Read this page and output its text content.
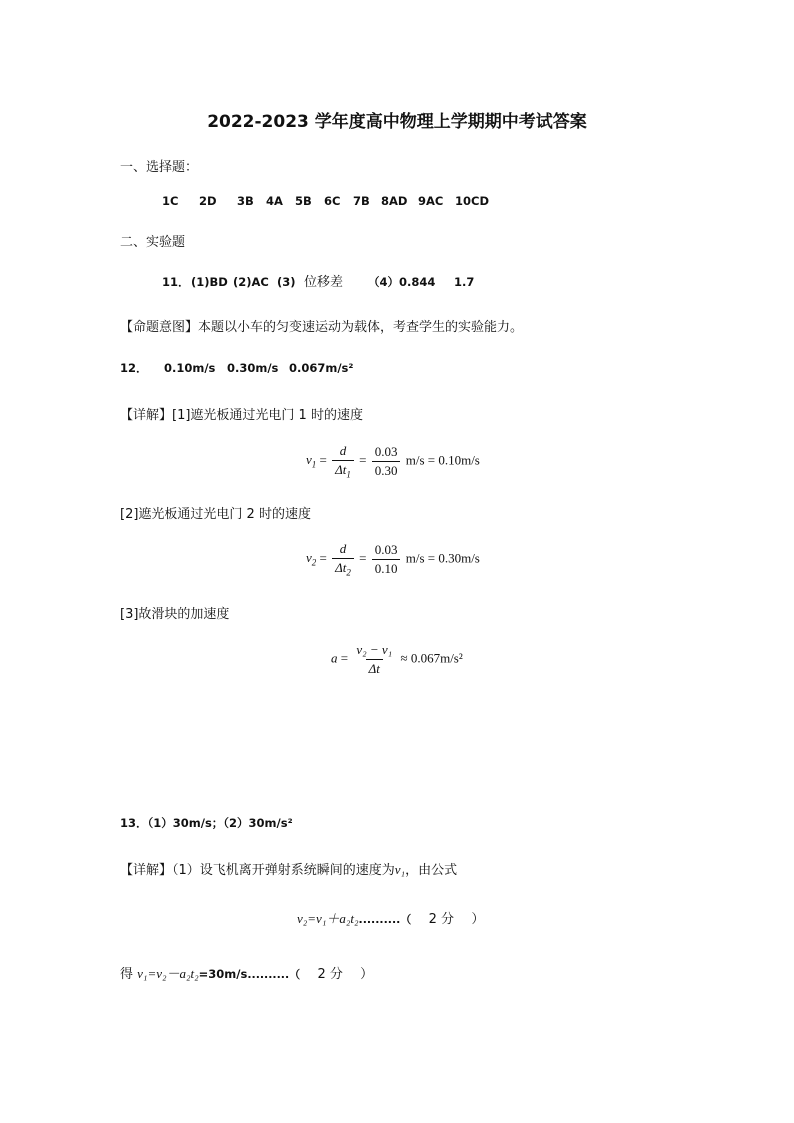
2022-2023 学年度高中物理上学期期中考试答案
一、选择题：
1C 2D 3B 4A 5B 6C 7B 8AD 9AC 10CD
二、实验题
11．(1)BD (2)AC (3) 位移差 （4）0.844 1.7
【命题意图】本题以小车的匀变速运动为载体，考查学生的实验能力。
12． 0.10m/s 0.30m/s 0.067m/s²
【详解】[1]遮光板通过光电门 1 时的速度
$v_1 = \frac{d}{\Delta t_1} = \frac{0.03}{0.30} m/s = 0.10m/s$
[2]遮光板通过光电门 2 时的速度
$v_2 = \frac{d}{\Delta t_2} = \frac{0.03}{0.10} m/s = 0.30m/s$
[3]故滑块的加速度
$a = \frac{\text{v₂ − v₁}}{\Delta t} \approx 0.067m/s^2$
13．（1）30m/s；（2）30m/s²
【详解】（1）设飞机离开弹射系统瞬间的速度为v₁，由公式
v₂=v₁＋a₂t₂..........（ 2 分 ）
得 v₁=v₂－a₂t₂=30m/s..........（ 2 分 ）
